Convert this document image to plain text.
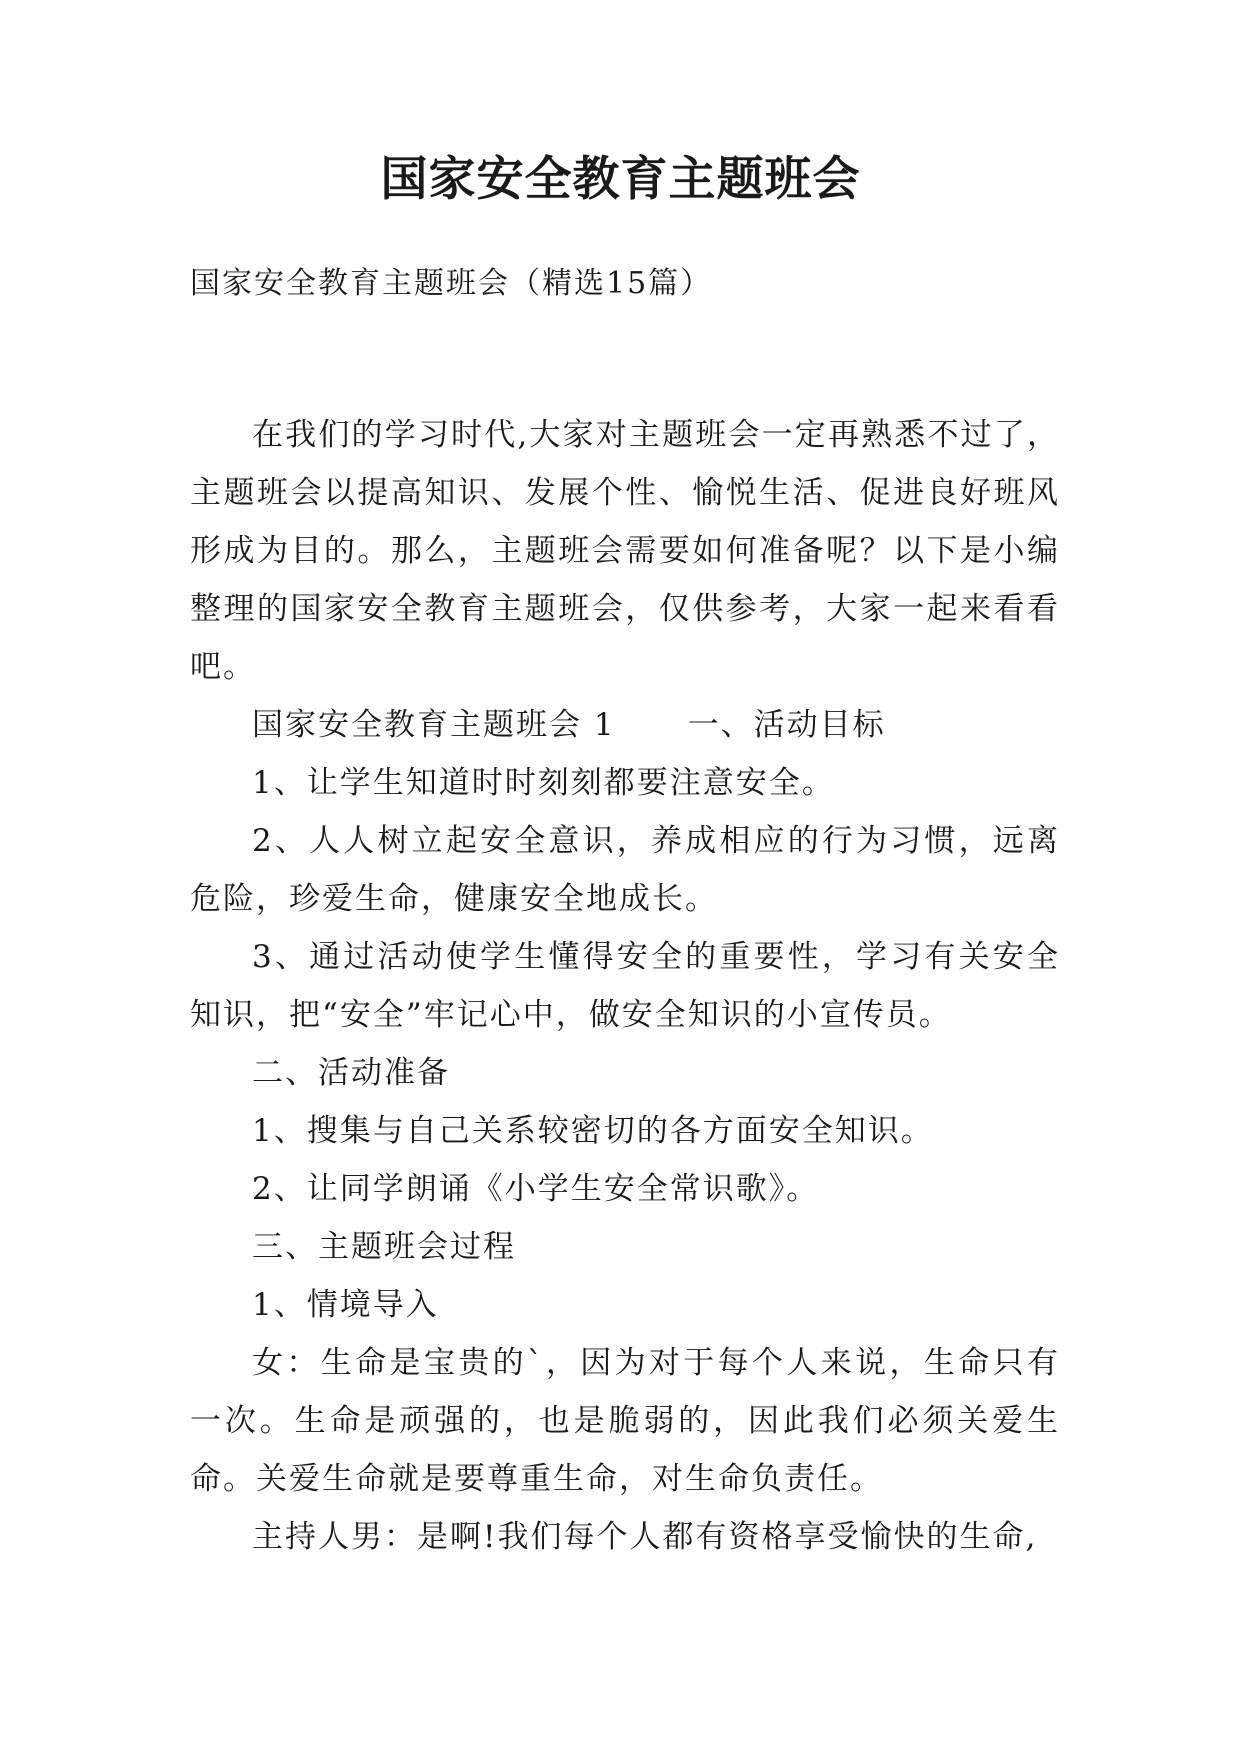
国家安全教育主题班会
国家安全教育主题班会（精选15篇）

在我们的学习时代,大家对主题班会一定再熟悉不过了，主题班会以提高知识、发展个性、愉悦生活、促进良好班风形成为目的。那么，主题班会需要如何准备呢？以下是小编整理的国家安全教育主题班会，仅供参考，大家一起来看看吧。

国家安全教育主题班会 1 一、活动目标

1、让学生知道时时刻刻都要注意安全。

2、人人树立起安全意识，养成相应的行为习惯，远离危险，珍爱生命，健康安全地成长。

3、通过活动使学生懂得安全的重要性，学习有关安全知识，把“安全”牢记心中，做安全知识的小宣传员。

二、活动准备

1、搜集与自己关系较密切的各方面安全知识。

2、让同学朗诵《小学生安全常识歌》。

三、主题班会过程

1、情境导入

女：生命是宝贵的`，因为对于每个人来说，生命只有一次。生命是顽强的，也是脆弱的，因此我们必须关爱生命。关爱生命就是要尊重生命，对生命负责任。

主持人男：是啊!我们每个人都有资格享受愉快的生命,
